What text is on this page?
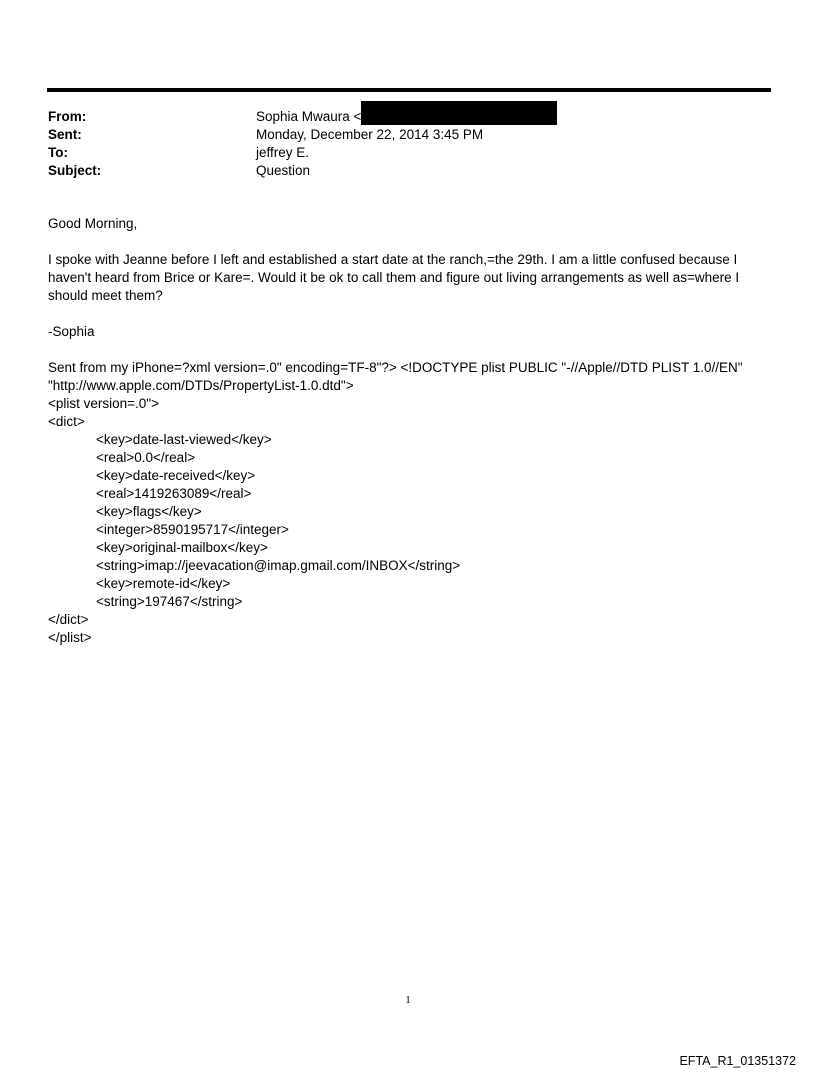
From:	Sophia Mwaura <
Sent:	Monday, December 22, 2014 3:45 PM
To:	jeffrey E.
Subject:	Question

Good Morning,

I spoke with Jeanne before I left and established a start date at the ranch,=the 29th. I am a little confused because I haven't heard from Brice or Kare=. Would it be ok to call them and figure out living arrangements as well as=where I should meet them?

-Sophia

Sent from my iPhone=?xml version=.0" encoding=TF-8"?> <!DOCTYPE plist PUBLIC "-//Apple//DTD PLIST 1.0//EN"

"http://www.apple.com/DTDs/PropertyList-1.0.dtd">

<plist version=.0">

<dict>

<key>date-last-viewed</key>

<real>0.0</real>

<key>date-received</key>

<real>1419263089</real>

<key>flags</key>

<integer>8590195717</integer>

<key>original-mailbox</key>

<string>imap://jeevacation@imap.gmail.com/INBOX</string>

<key>remote-id</key>

<string>197467</string>

</dict>

</plist>

1
EFTA_R1_01351372
